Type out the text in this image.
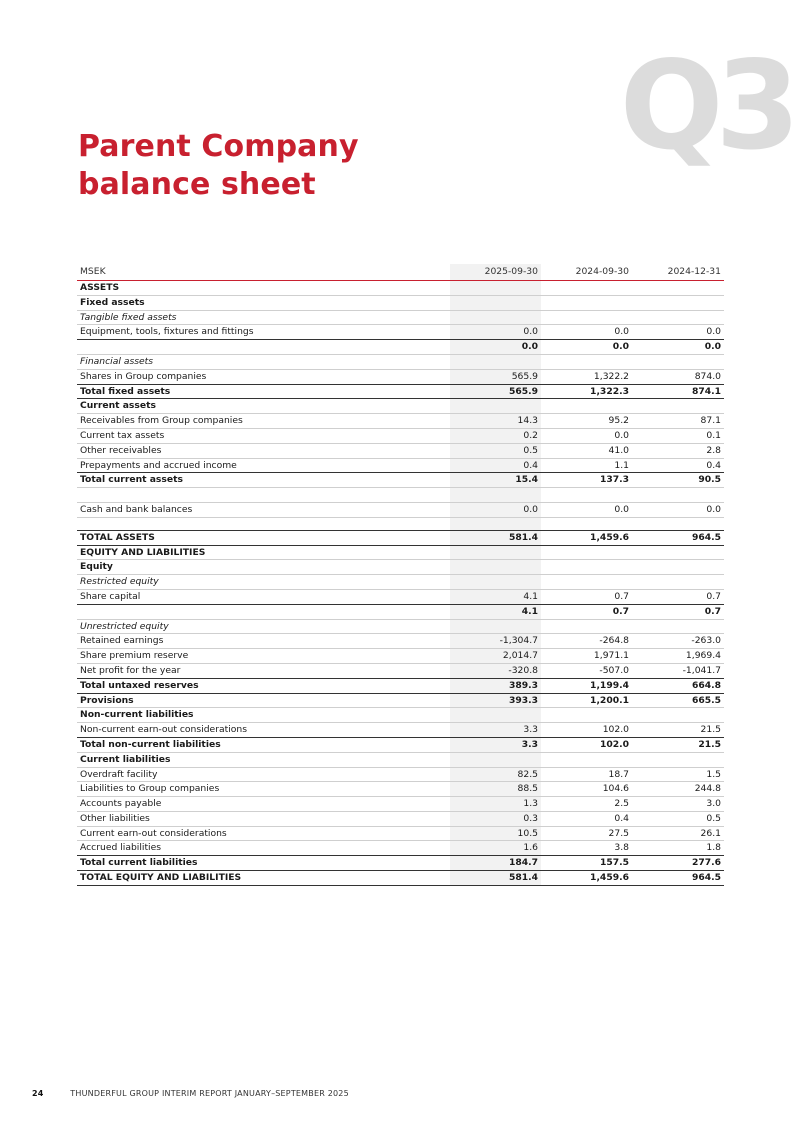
Q3
Parent Company
balance sheet
MSEK	2025-09-30	2024-09-30	2024-12-31
ASSETS			
Fixed assets			
Tangible fixed assets			
Equipment, tools, fixtures and fittings	0.0	0.0	0.0
	0.0	0.0	0.0
Financial assets			
Shares in Group companies	565.9	1,322.2	874.0
Total fixed assets	565.9	1,322.3	874.1
Current assets			
Receivables from Group companies	14.3	95.2	87.1
Current tax assets	0.2	0.0	0.1
Other receivables	0.5	41.0	2.8
Prepayments and accrued income	0.4	1.1	0.4
Total current assets	15.4	137.3	90.5

Cash and bank balances	0.0	0.0	0.0

TOTAL ASSETS	581.4	1,459.6	964.5
EQUITY AND LIABILITIES			
Equity			
Restricted equity			
Share capital	4.1	0.7	0.7
	4.1	0.7	0.7
Unrestricted equity			
Retained earnings	-1,304.7	-264.8	-263.0
Share premium reserve	2,014.7	1,971.1	1,969.4
Net profit for the year	-320.8	-507.0	-1,041.7
Total untaxed reserves	389.3	1,199.4	664.8
Provisions	393.3	1,200.1	665.5
Non-current liabilities			
Non-current earn-out considerations	3.3	102.0	21.5
Total non-current liabilities	3.3	102.0	21.5
Current liabilities			
Overdraft facility	82.5	18.7	1.5
Liabilities to Group companies	88.5	104.6	244.8
Accounts payable	1.3	2.5	3.0
Other liabilities	0.3	0.4	0.5
Current earn-out considerations	10.5	27.5	26.1
Accrued liabilities	1.6	3.8	1.8
Total current liabilities	184.7	157.5	277.6
TOTAL EQUITY AND LIABILITIES	581.4	1,459.6	964.5
24	THUNDERFUL GROUP INTERIM REPORT JANUARY–SEPTEMBER 2025
